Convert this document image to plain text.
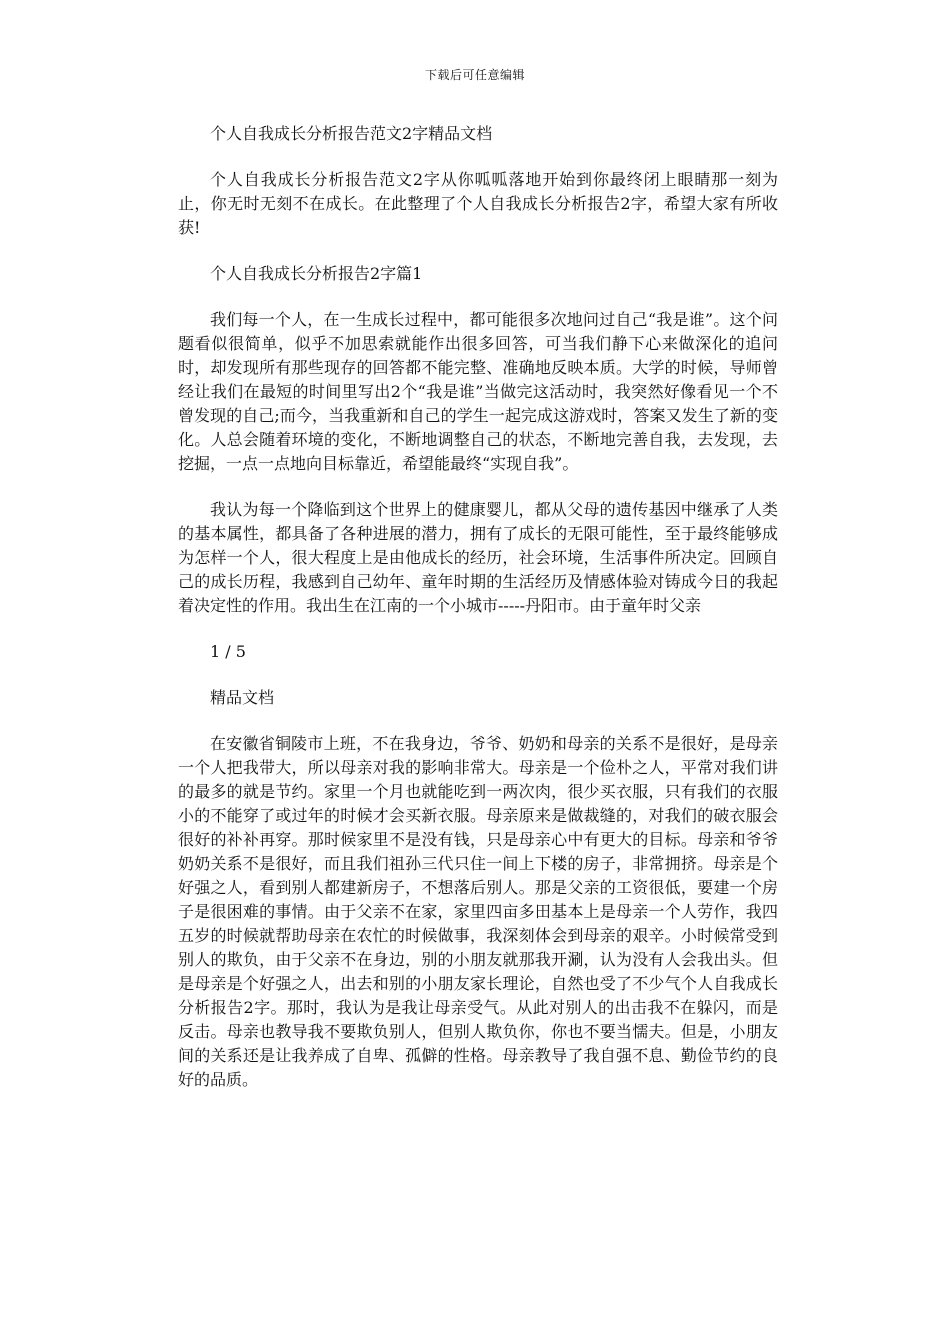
下载后可任意编辑

个人自我成长分析报告范文2字精品文档

个人自我成长分析报告范文2字从你呱呱落地开始到你最终闭上眼睛那一刻为止，你无时无刻不在成长。在此整理了个人自我成长分析报告2字，希望大家有所收获!

个人自我成长分析报告2字篇1

我们每一个人，在一生成长过程中，都可能很多次地问过自己“我是谁”。这个问题看似很简单，似乎不加思索就能作出很多回答，可当我们静下心来做深化的追问时，却发现所有那些现存的回答都不能完整、准确地反映本质。大学的时候，导师曾经让我们在最短的时间里写出2个“我是谁”当做完这活动时，我突然好像看见一个不曾发现的自己;而今，当我重新和自己的学生一起完成这游戏时，答案又发生了新的变化。人总会随着环境的变化，不断地调整自己的状态，不断地完善自我，去发现，去挖掘，一点一点地向目标靠近，希望能最终“实现自我”。

我认为每一个降临到这个世界上的健康婴儿，都从父母的遗传基因中继承了人类的基本属性，都具备了各种进展的潜力，拥有了成长的无限可能性，至于最终能够成为怎样一个人，很大程度上是由他成长的经历，社会环境，生活事件所决定。回顾自己的成长历程，我感到自己幼年、童年时期的生活经历及情感体验对铸成今日的我起着决定性的作用。我出生在江南的一个小城市-----丹阳市。由于童年时父亲

1 / 5

精品文档

在安徽省铜陵市上班，不在我身边，爷爷、奶奶和母亲的关系不是很好，是母亲一个人把我带大，所以母亲对我的影响非常大。母亲是一个俭朴之人，平常对我们讲的最多的就是节约。家里一个月也就能吃到一两次肉，很少买衣服，只有我们的衣服小的不能穿了或过年的时候才会买新衣服。母亲原来是做裁缝的，对我们的破衣服会很好的补补再穿。那时候家里不是没有钱，只是母亲心中有更大的目标。母亲和爷爷奶奶关系不是很好，而且我们祖孙三代只住一间上下楼的房子，非常拥挤。母亲是个好强之人，看到别人都建新房子，不想落后别人。那是父亲的工资很低，要建一个房子是很困难的事情。由于父亲不在家，家里四亩多田基本上是母亲一个人劳作，我四五岁的时候就帮助母亲在农忙的时候做事，我深刻体会到母亲的艰辛。小时候常受到别人的欺负，由于父亲不在身边，别的小朋友就那我开涮，认为没有人会我出头。但是母亲是个好强之人，出去和别的小朋友家长理论，自然也受了不少气个人自我成长分析报告2字。那时，我认为是我让母亲受气。从此对别人的出击我不在躲闪，而是反击。母亲也教导我不要欺负别人，但别人欺负你，你也不要当懦夫。但是，小朋友间的关系还是让我养成了自卑、孤僻的性格。母亲教导了我自强不息、勤俭节约的良好的品质。
